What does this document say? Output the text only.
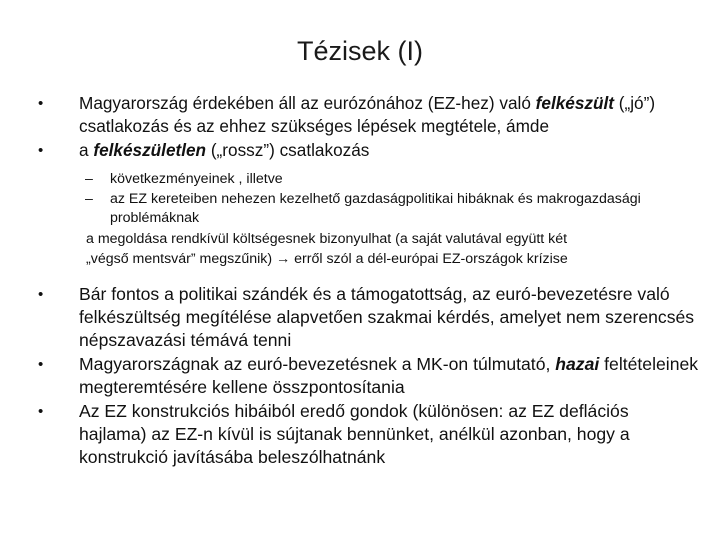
Tézisek (I)
• Magyarország érdekében áll az eurózónához (EZ-hez) való felkészült („jó”) csatlakozás és az ehhez szükséges lépések megtétele, ámde
• a felkészületlen („rossz”) csatlakozás
– következményeinek , illetve
– az EZ kereteiben nehezen kezelhető gazdaságpolitikai hibáknak és makrogazdasági problémáknak
a megoldása rendkívül költségesnek bizonyulhat (a saját valutával együtt két
„végső mentsvár” megszűnik) → erről szól a dél-európai EZ-országok krízise
• Bár fontos a politikai szándék és a támogatottság, az euró-bevezetésre való felkészültség megítélése alapvetően szakmai kérdés, amelyet nem szerencsés népszavazási témává tenni
• Magyarországnak az euró-bevezetésnek a MK-on túlmutató, hazai feltételeinek megteremtésére kellene összpontosítania
• Az EZ konstrukciós hibáiból eredő gondok (különösen: az EZ deflációs hajlama) az EZ-n kívül is sújtanak bennünket, anélkül azonban, hogy a konstrukció javításába beleszólhatnánk
